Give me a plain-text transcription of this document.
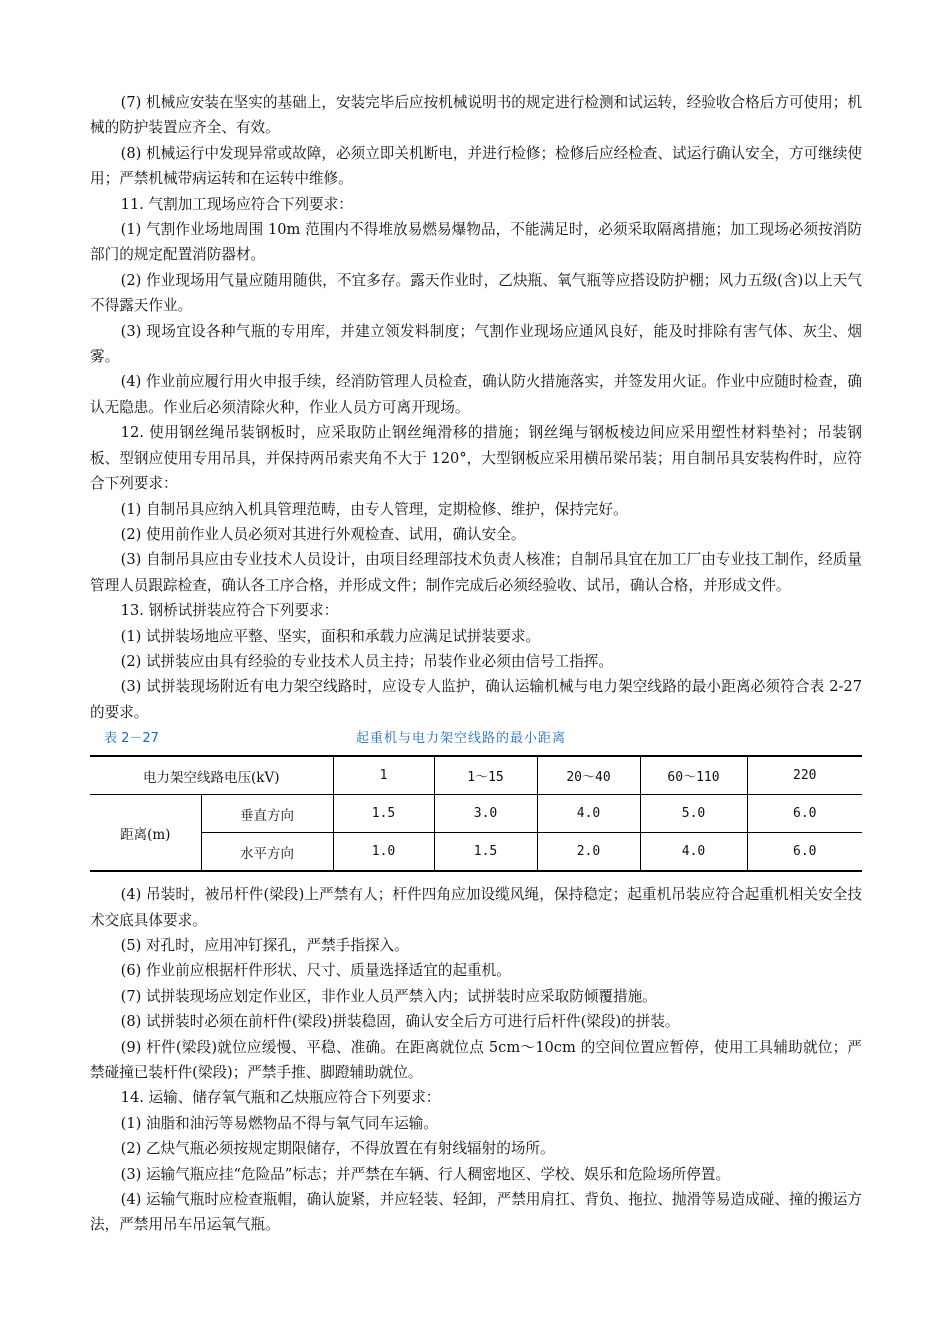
(7) 机械应安装在坚实的基础上，安装完毕后应按机械说明书的规定进行检测和试运转，经验收合格后方可使用；机械的防护装置应齐全、有效。

(8) 机械运行中发现异常或故障，必须立即关机断电，并进行检修；检修后应经检查、试运行确认安全，方可继续使用；严禁机械带病运转和在运转中维修。

11. 气割加工现场应符合下列要求：

(1) 气割作业场地周围 10m 范围内不得堆放易燃易爆物品，不能满足时，必须采取隔离措施；加工现场必须按消防部门的规定配置消防器材。

(2) 作业现场用气量应随用随供，不宜多存。露天作业时，乙炔瓶、氧气瓶等应搭设防护棚；风力五级(含)以上天气不得露天作业。

(3) 现场宜设各种气瓶的专用库，并建立领发料制度；气割作业现场应通风良好，能及时排除有害气体、灰尘、烟雾。

(4) 作业前应履行用火申报手续，经消防管理人员检查，确认防火措施落实，并签发用火证。作业中应随时检查，确认无隐患。作业后必须清除火种，作业人员方可离开现场。

12. 使用钢丝绳吊装钢板时，应采取防止钢丝绳滑移的措施；钢丝绳与钢板棱边间应采用塑性材料垫衬；吊装钢板、型钢应使用专用吊具，并保持两吊索夹角不大于 120°，大型钢板应采用横吊梁吊装；用自制吊具安装构件时，应符合下列要求：

(1) 自制吊具应纳入机具管理范畴，由专人管理，定期检修、维护，保持完好。

(2) 使用前作业人员必须对其进行外观检查、试用，确认安全。

(3) 自制吊具应由专业技术人员设计，由项目经理部技术负责人核准；自制吊具宜在加工厂由专业技工制作，经质量管理人员跟踪检查，确认各工序合格，并形成文件；制作完成后必须经验收、试吊，确认合格，并形成文件。

13. 钢桥试拼装应符合下列要求：

(1) 试拼装场地应平整、坚实，面积和承载力应满足试拼装要求。

(2) 试拼装应由具有经验的专业技术人员主持；吊装作业必须由信号工指挥。

(3) 试拼装现场附近有电力架空线路时，应设专人监护，确认运输机械与电力架空线路的最小距离必须符合表 2-27 的要求。

表 2－27	起重机与电力架空线路的最小距离
电力架空线路电压(kV)		1	1～15	20～40	60～110	220
距离(m)	垂直方向	1.5	3.0	4.0	5.0	6.0
	水平方向	1.0	1.5	2.0	4.0	6.0

(4) 吊装时，被吊杆件(梁段)上严禁有人；杆件四角应加设缆风绳，保持稳定；起重机吊装应符合起重机相关安全技术交底具体要求。

(5) 对孔时，应用冲钉探孔，严禁手指探入。

(6) 作业前应根据杆件形状、尺寸、质量选择适宜的起重机。

(7) 试拼装现场应划定作业区，非作业人员严禁入内；试拼装时应采取防倾覆措施。

(8) 试拼装时必须在前杆件(梁段)拼装稳固，确认安全后方可进行后杆件(梁段)的拼装。

(9) 杆件(梁段)就位应缓慢、平稳、准确。在距离就位点 5cm～10cm 的空间位置应暂停，使用工具辅助就位；严禁碰撞已装杆件(梁段)；严禁手推、脚蹬辅助就位。

14. 运输、储存氧气瓶和乙炔瓶应符合下列要求：

(1) 油脂和油污等易燃物品不得与氧气同车运输。

(2) 乙炔气瓶必须按规定期限储存，不得放置在有射线辐射的场所。

(3) 运输气瓶应挂“危险品”标志；并严禁在车辆、行人稠密地区、学校、娱乐和危险场所停置。

(4) 运输气瓶时应检查瓶帽，确认旋紧，并应轻装、轻卸，严禁用肩扛、背负、拖拉、抛滑等易造成碰、撞的搬运方法，严禁用吊车吊运氧气瓶。
